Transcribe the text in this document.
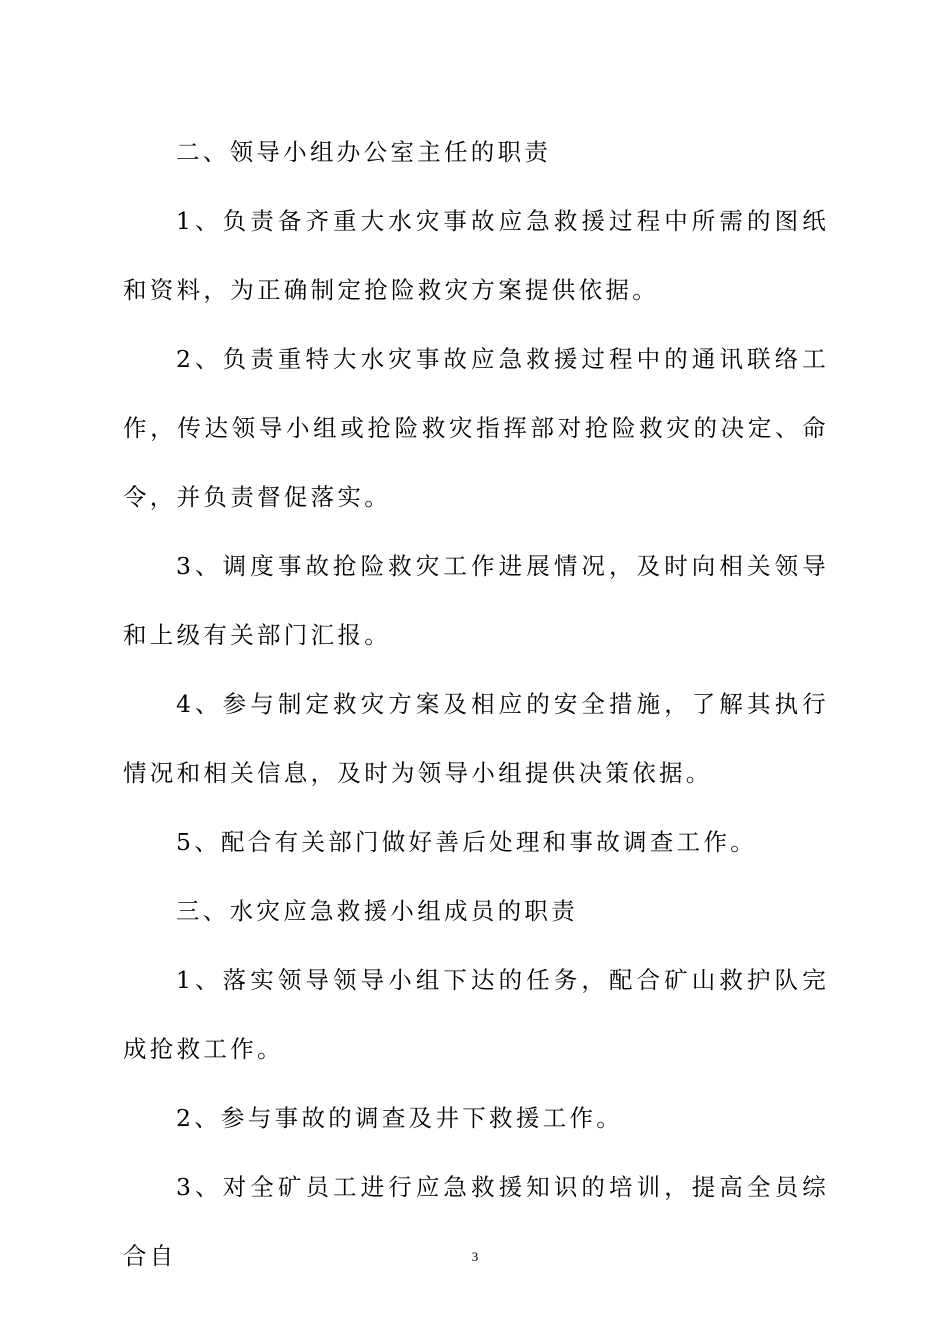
二、领导小组办公室主任的职责

1、负责备齐重大水灾事故应急救援过程中所需的图纸和资料，为正确制定抢险救灾方案提供依据。

2、负责重特大水灾事故应急救援过程中的通讯联络工作，传达领导小组或抢险救灾指挥部对抢险救灾的决定、命令，并负责督促落实。

3、调度事故抢险救灾工作进展情况，及时向相关领导和上级有关部门汇报。

4、参与制定救灾方案及相应的安全措施，了解其执行情况和相关信息，及时为领导小组提供决策依据。

5、配合有关部门做好善后处理和事故调查工作。

三、水灾应急救援小组成员的职责

1、落实领导领导小组下达的任务，配合矿山救护队完成抢救工作。

2、参与事故的调查及井下救援工作。

3、对全矿员工进行应急救援知识的培训，提高全员综合自	3
